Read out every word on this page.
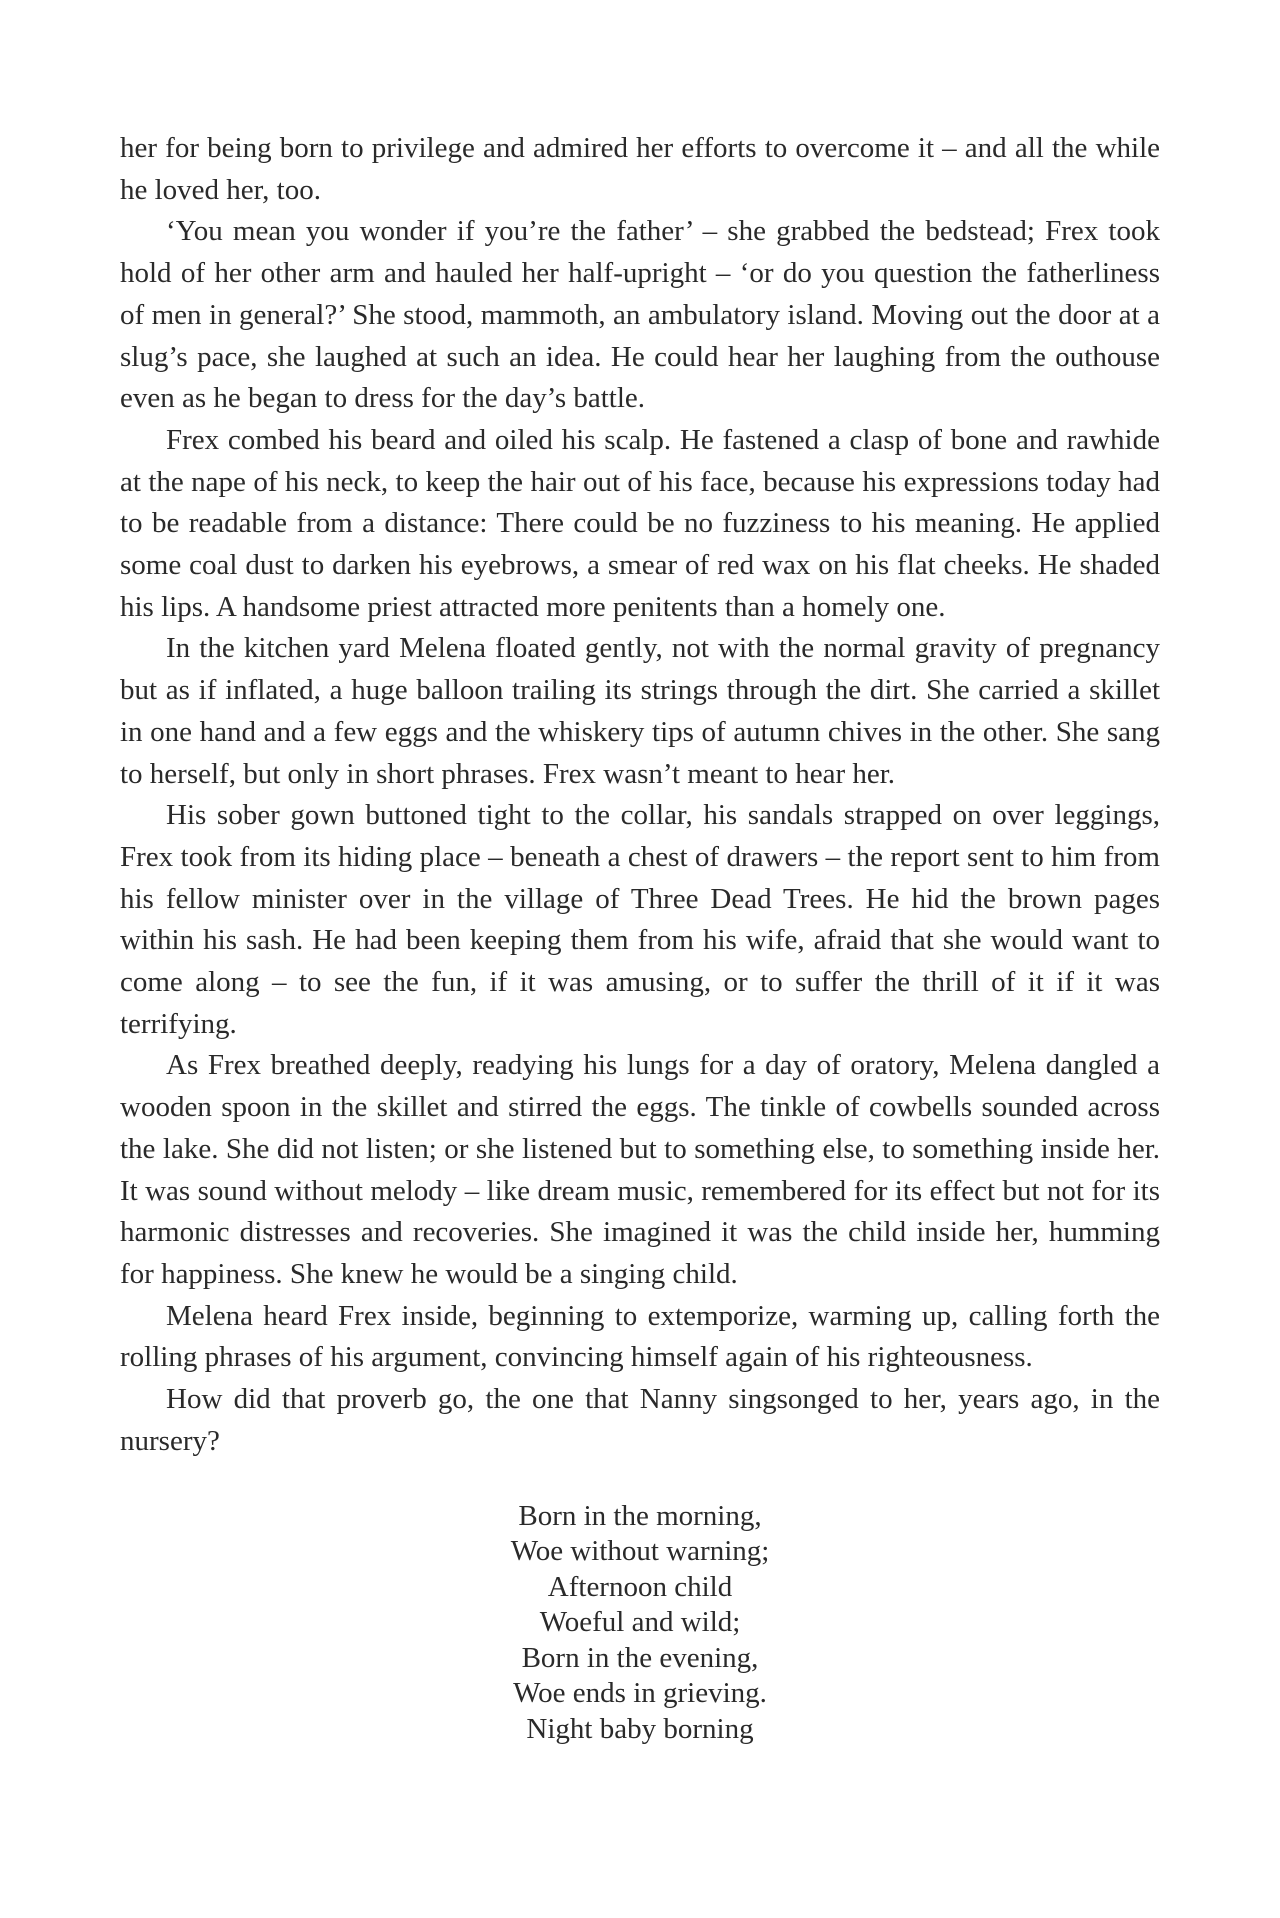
her for being born to privilege and admired her efforts to overcome it – and all the while he loved her, too.

‘You mean you wonder if you’re the father’ – she grabbed the bedstead; Frex took hold of her other arm and hauled her half-upright – ‘or do you question the fatherliness of men in general?’ She stood, mammoth, an ambulatory island. Moving out the door at a slug’s pace, she laughed at such an idea. He could hear her laughing from the outhouse even as he began to dress for the day’s battle.

Frex combed his beard and oiled his scalp. He fastened a clasp of bone and rawhide at the nape of his neck, to keep the hair out of his face, because his expressions today had to be readable from a distance: There could be no fuzziness to his meaning. He applied some coal dust to darken his eyebrows, a smear of red wax on his flat cheeks. He shaded his lips. A handsome priest attracted more penitents than a homely one.

In the kitchen yard Melena floated gently, not with the normal gravity of pregnancy but as if inflated, a huge balloon trailing its strings through the dirt. She carried a skillet in one hand and a few eggs and the whiskery tips of autumn chives in the other. She sang to herself, but only in short phrases. Frex wasn’t meant to hear her.

His sober gown buttoned tight to the collar, his sandals strapped on over leggings, Frex took from its hiding place – beneath a chest of drawers – the report sent to him from his fellow minister over in the village of Three Dead Trees. He hid the brown pages within his sash. He had been keeping them from his wife, afraid that she would want to come along – to see the fun, if it was amusing, or to suffer the thrill of it if it was terrifying.

As Frex breathed deeply, readying his lungs for a day of oratory, Melena dangled a wooden spoon in the skillet and stirred the eggs. The tinkle of cowbells sounded across the lake. She did not listen; or she listened but to something else, to something inside her. It was sound without melody – like dream music, remembered for its effect but not for its harmonic distresses and recoveries. She imagined it was the child inside her, humming for happiness. She knew he would be a singing child.

Melena heard Frex inside, beginning to extemporize, warming up, calling forth the rolling phrases of his argument, convincing himself again of his righteousness.

How did that proverb go, the one that Nanny singsonged to her, years ago, in the nursery?

Born in the morning,
Woe without warning;
Afternoon child
Woeful and wild;
Born in the evening,
Woe ends in grieving.
Night baby borning
